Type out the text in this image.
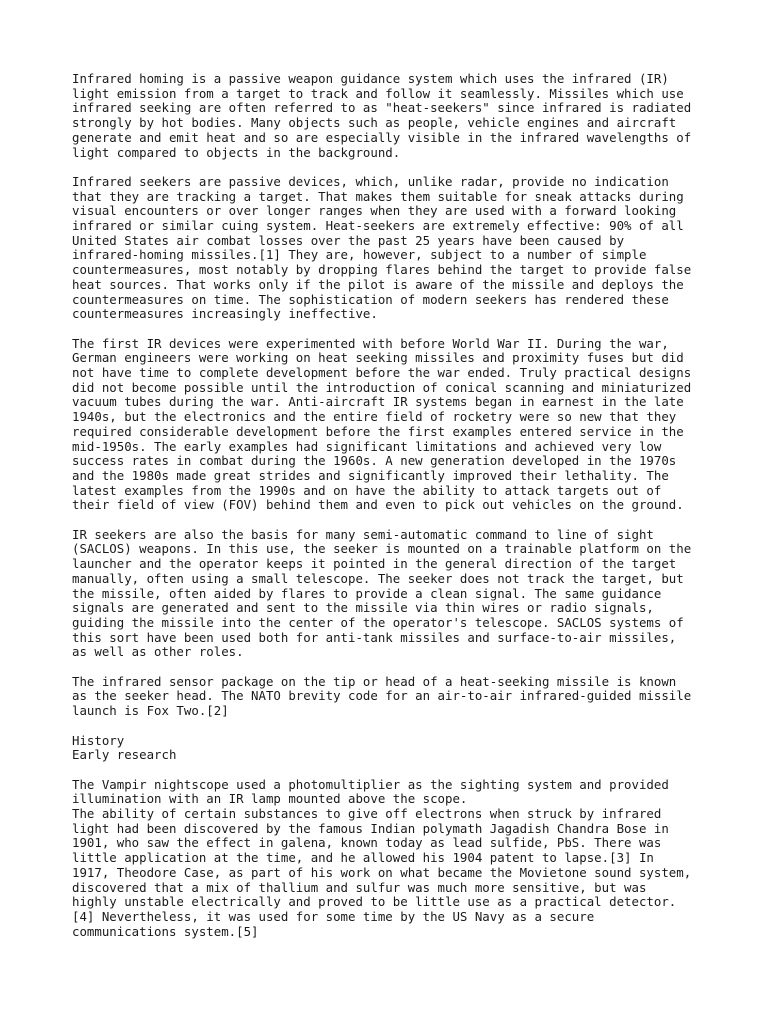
Infrared homing is a passive weapon guidance system which uses the infrared (IR)
light emission from a target to track and follow it seamlessly. Missiles which use
infrared seeking are often referred to as "heat-seekers" since infrared is radiated
strongly by hot bodies. Many objects such as people, vehicle engines and aircraft
generate and emit heat and so are especially visible in the infrared wavelengths of
light compared to objects in the background.
Infrared seekers are passive devices, which, unlike radar, provide no indication
that they are tracking a target. That makes them suitable for sneak attacks during
visual encounters or over longer ranges when they are used with a forward looking
infrared or similar cuing system. Heat-seekers are extremely effective: 90% of all
United States air combat losses over the past 25 years have been caused by
infrared-homing missiles.[1] They are, however, subject to a number of simple
countermeasures, most notably by dropping flares behind the target to provide false
heat sources. That works only if the pilot is aware of the missile and deploys the
countermeasures on time. The sophistication of modern seekers has rendered these
countermeasures increasingly ineffective.
The first IR devices were experimented with before World War II. During the war,
German engineers were working on heat seeking missiles and proximity fuses but did
not have time to complete development before the war ended. Truly practical designs
did not become possible until the introduction of conical scanning and miniaturized
vacuum tubes during the war. Anti-aircraft IR systems began in earnest in the late
1940s, but the electronics and the entire field of rocketry were so new that they
required considerable development before the first examples entered service in the
mid-1950s. The early examples had significant limitations and achieved very low
success rates in combat during the 1960s. A new generation developed in the 1970s
and the 1980s made great strides and significantly improved their lethality. The
latest examples from the 1990s and on have the ability to attack targets out of
their field of view (FOV) behind them and even to pick out vehicles on the ground.
IR seekers are also the basis for many semi-automatic command to line of sight
(SACLOS) weapons. In this use, the seeker is mounted on a trainable platform on the
launcher and the operator keeps it pointed in the general direction of the target
manually, often using a small telescope. The seeker does not track the target, but
the missile, often aided by flares to provide a clean signal. The same guidance
signals are generated and sent to the missile via thin wires or radio signals,
guiding the missile into the center of the operator's telescope. SACLOS systems of
this sort have been used both for anti-tank missiles and surface-to-air missiles,
as well as other roles.
The infrared sensor package on the tip or head of a heat-seeking missile is known
as the seeker head. The NATO brevity code for an air-to-air infrared-guided missile
launch is Fox Two.[2]
History
Early research
The Vampir nightscope used a photomultiplier as the sighting system and provided
illumination with an IR lamp mounted above the scope.
The ability of certain substances to give off electrons when struck by infrared
light had been discovered by the famous Indian polymath Jagadish Chandra Bose in
1901, who saw the effect in galena, known today as lead sulfide, PbS. There was
little application at the time, and he allowed his 1904 patent to lapse.[3] In
1917, Theodore Case, as part of his work on what became the Movietone sound system,
discovered that a mix of thallium and sulfur was much more sensitive, but was
highly unstable electrically and proved to be little use as a practical detector.
[4] Nevertheless, it was used for some time by the US Navy as a secure
communications system.[5]
